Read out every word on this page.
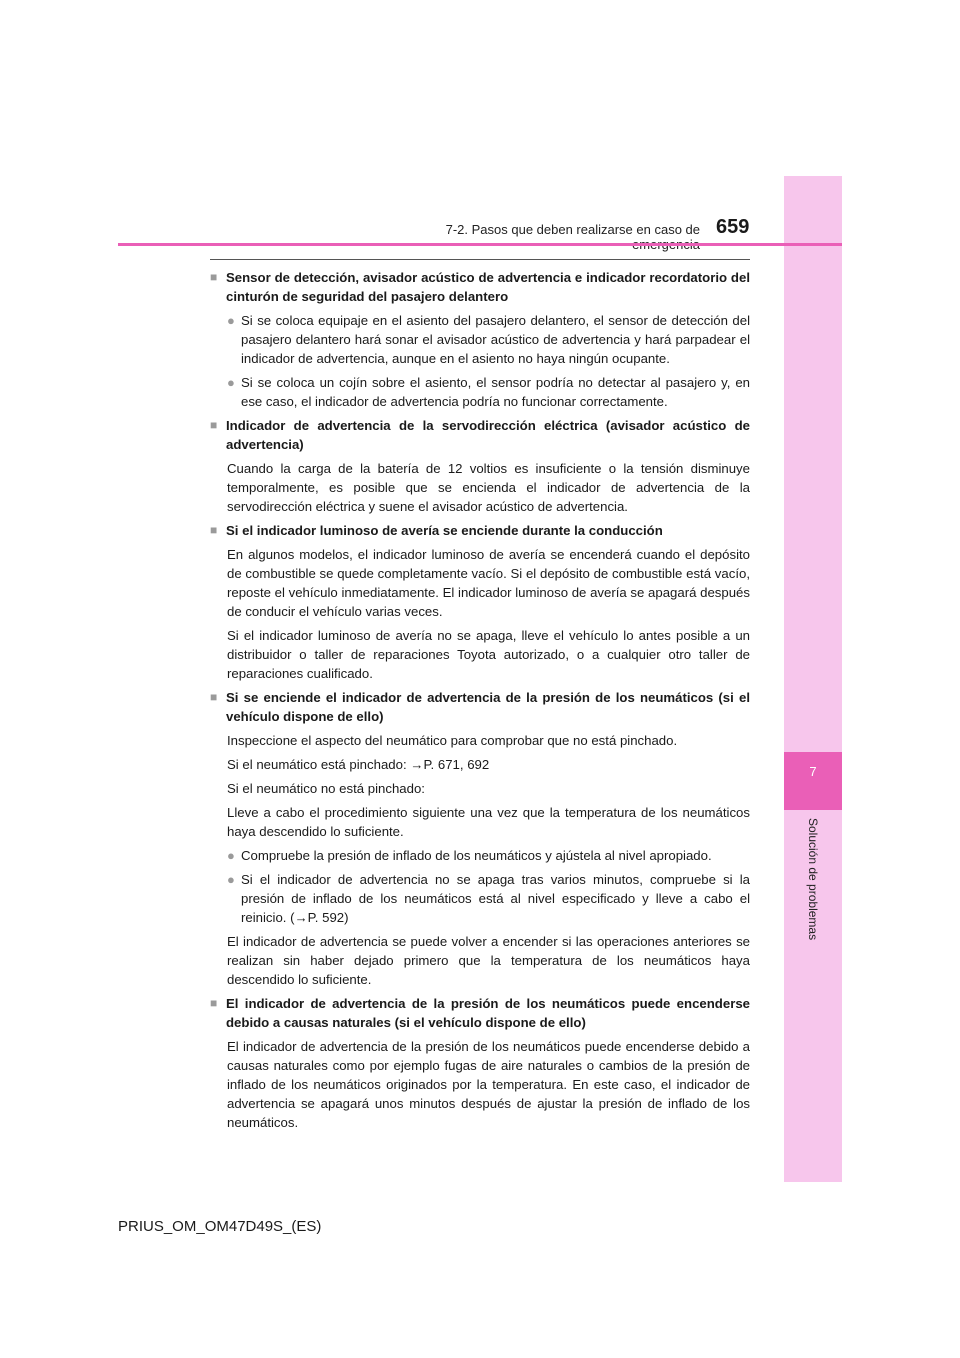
7
Solución de problemas
7-2. Pasos que deben realizarse en caso de 659
■ Sensor de detección, avisador acústico de advertencia e indicador recordatorio del cinturón de seguridad del pasajero delantero
● Si se coloca equipaje en el asiento del pasajero delantero, el sensor de detección del pasajero delantero hará sonar el avisador acústico de advertencia y hará parpadear el indicador de advertencia, aunque en el asiento no haya ningún ocupante.
● Si se coloca un cojín sobre el asiento, el sensor podría no detectar al pasajero y, en ese caso, el indicador de advertencia podría no funcionar correctamente.
■ Indicador de advertencia de la servodirección eléctrica (avisador acústico de advertencia)
Cuando la carga de la batería de 12 voltios es insuficiente o la tensión disminuye temporalmente, es posible que se encienda el indicador de advertencia de la servodirección eléctrica y suene el avisador acústico de advertencia.
■ Si el indicador luminoso de avería se enciende durante la conducción
En algunos modelos, el indicador luminoso de avería se encenderá cuando el depósito de combustible se quede completamente vacío. Si el depósito de combustible está vacío, reposte el vehículo inmediatamente. El indicador luminoso de avería se apagará después de conducir el vehículo varias veces.
Si el indicador luminoso de avería no se apaga, lleve el vehículo lo antes posible a un distribuidor o taller de reparaciones Toyota autorizado, o a cualquier otro taller de reparaciones cualificado.
■ Si se enciende el indicador de advertencia de la presión de los neumáticos (si el vehículo dispone de ello)
Inspeccione el aspecto del neumático para comprobar que no está pinchado.
Si el neumático está pinchado: →P. 671, 692
Si el neumático no está pinchado:
Lleve a cabo el procedimiento siguiente una vez que la temperatura de los neumáticos haya descendido lo suficiente.
● Compruebe la presión de inflado de los neumáticos y ajústela al nivel apropiado.
● Si el indicador de advertencia no se apaga tras varios minutos, compruebe si la presión de inflado de los neumáticos está al nivel especificado y lleve a cabo el reinicio. (→P. 592)
El indicador de advertencia se puede volver a encender si las operaciones anteriores se realizan sin haber dejado primero que la temperatura de los neumáticos haya descendido lo suficiente.
■ El indicador de advertencia de la presión de los neumáticos puede encenderse debido a causas naturales (si el vehículo dispone de ello)
El indicador de advertencia de la presión de los neumáticos puede encenderse debido a causas naturales como por ejemplo fugas de aire naturales o cambios de la presión de inflado de los neumáticos originados por la temperatura. En este caso, el indicador de advertencia se apagará unos minutos después de ajustar la presión de inflado de los neumáticos.
PRIUS_OM_OM47D49S_(ES)
